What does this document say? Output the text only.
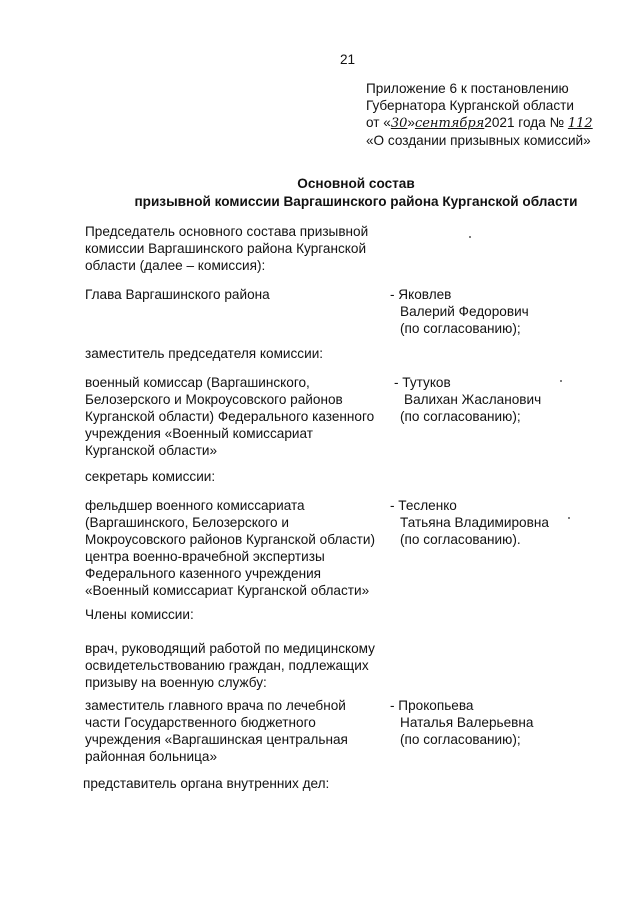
21
Приложение 6 к постановлению
Губернатора Курганской области
от «30»сентября2021 года № 112
«О создании призывных комиссий»
Основной состав
призывной комиссии Варгашинского района Курганской области
Председатель основного состава призывной
комиссии Варгашинского района Курганской
области (далее – комиссия):
Глава Варгашинского района	- Яковлев
Валерий Федорович
(по согласованию);
заместитель председателя комиссии:
военный комиссар (Варгашинского,
Белозерского и Мокроусовского районов
Курганской области) Федерального казенного
учреждения «Военный комиссариат
Курганской области»
- Тутуков
Валихан Жасланович
(по согласованию);
секретарь комиссии:
фельдшер военного комиссариата
(Варгашинского, Белозерского и
Мокроусовского районов Курганской области)
центра военно-врачебной экспертизы
Федерального казенного учреждения
«Военный комиссариат Курганской области»
- Тесленко
Татьяна Владимировна
(по согласованию).
Члены комиссии:
врач, руководящий работой по медицинскому
освидетельствованию граждан, подлежащих
призыву на военную службу:
заместитель главного врача по лечебной
части Государственного бюджетного
учреждения «Варгашинская центральная
районная больница»
- Прокопьева
Наталья Валерьевна
(по согласованию);
представитель органа внутренних дел:
